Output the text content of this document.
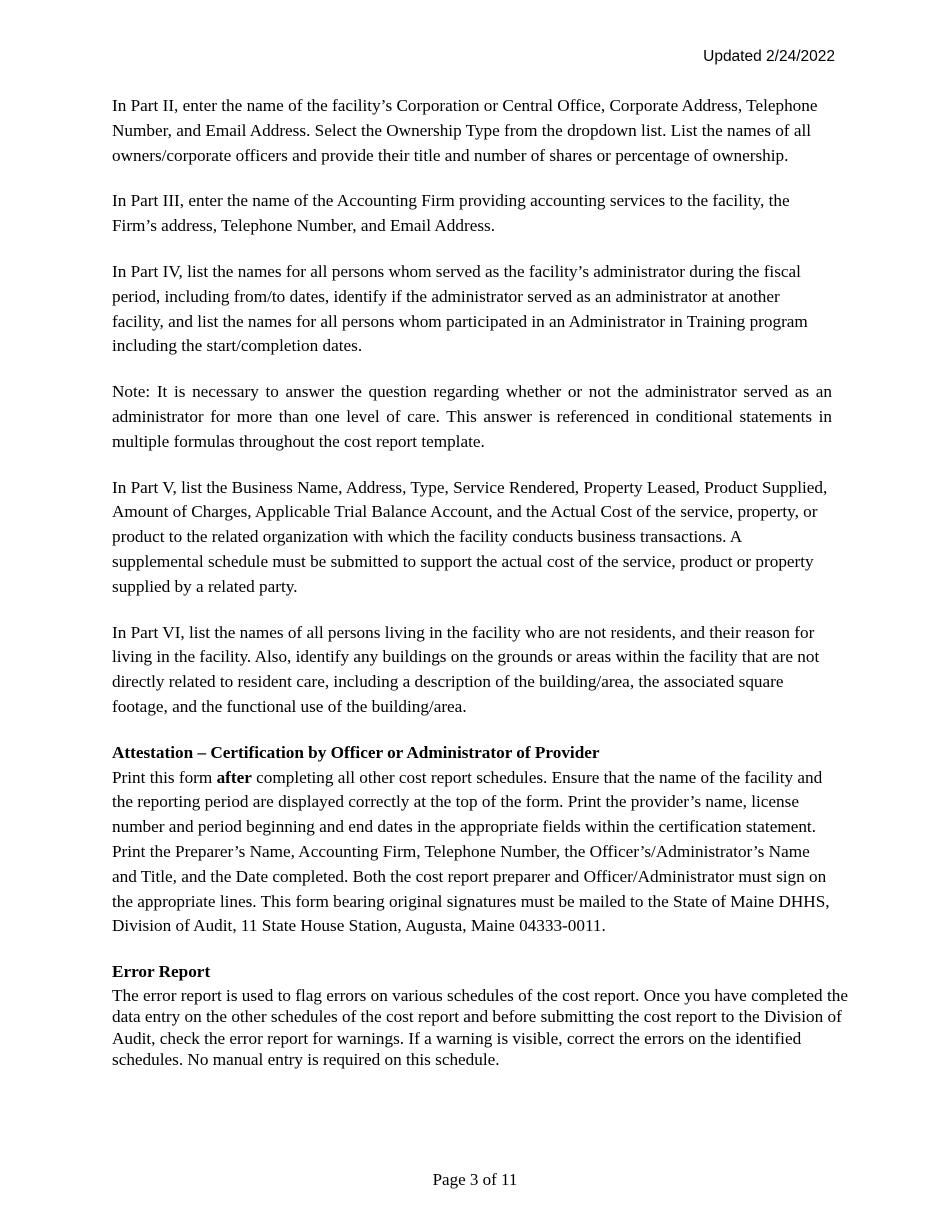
Updated 2/24/2022

In Part II, enter the name of the facility’s Corporation or Central Office, Corporate Address, Telephone Number, and Email Address. Select the Ownership Type from the dropdown list. List the names of all owners/corporate officers and provide their title and number of shares or percentage of ownership.

In Part III, enter the name of the Accounting Firm providing accounting services to the facility, the Firm’s address, Telephone Number, and Email Address.

In Part IV, list the names for all persons whom served as the facility’s administrator during the fiscal period, including from/to dates, identify if the administrator served as an administrator at another facility, and list the names for all persons whom participated in an Administrator in Training program including the start/completion dates.

Note: It is necessary to answer the question regarding whether or not the administrator served as an administrator for more than one level of care. This answer is referenced in conditional statements in multiple formulas throughout the cost report template.

In Part V, list the Business Name, Address, Type, Service Rendered, Property Leased, Product Supplied, Amount of Charges, Applicable Trial Balance Account, and the Actual Cost of the service, property, or product to the related organization with which the facility conducts business transactions. A supplemental schedule must be submitted to support the actual cost of the service, product or property supplied by a related party.

In Part VI, list the names of all persons living in the facility who are not residents, and their reason for living in the facility. Also, identify any buildings on the grounds or areas within the facility that are not directly related to resident care, including a description of the building/area, the associated square footage, and the functional use of the building/area.

Attestation – Certification by Officer or Administrator of Provider

Print this form after completing all other cost report schedules. Ensure that the name of the facility and the reporting period are displayed correctly at the top of the form. Print the provider’s name, license number and period beginning and end dates in the appropriate fields within the certification statement. Print the Preparer’s Name, Accounting Firm, Telephone Number, the Officer’s/Administrator’s Name and Title, and the Date completed. Both the cost report preparer and Officer/Administrator must sign on the appropriate lines. This form bearing original signatures must be mailed to the State of Maine DHHS, Division of Audit, 11 State House Station, Augusta, Maine 04333-0011.

Error Report

The error report is used to flag errors on various schedules of the cost report. Once you have completed the data entry on the other schedules of the cost report and before submitting the cost report to the Division of Audit, check the error report for warnings. If a warning is visible, correct the errors on the identified schedules. No manual entry is required on this schedule.

Page 3 of 11
